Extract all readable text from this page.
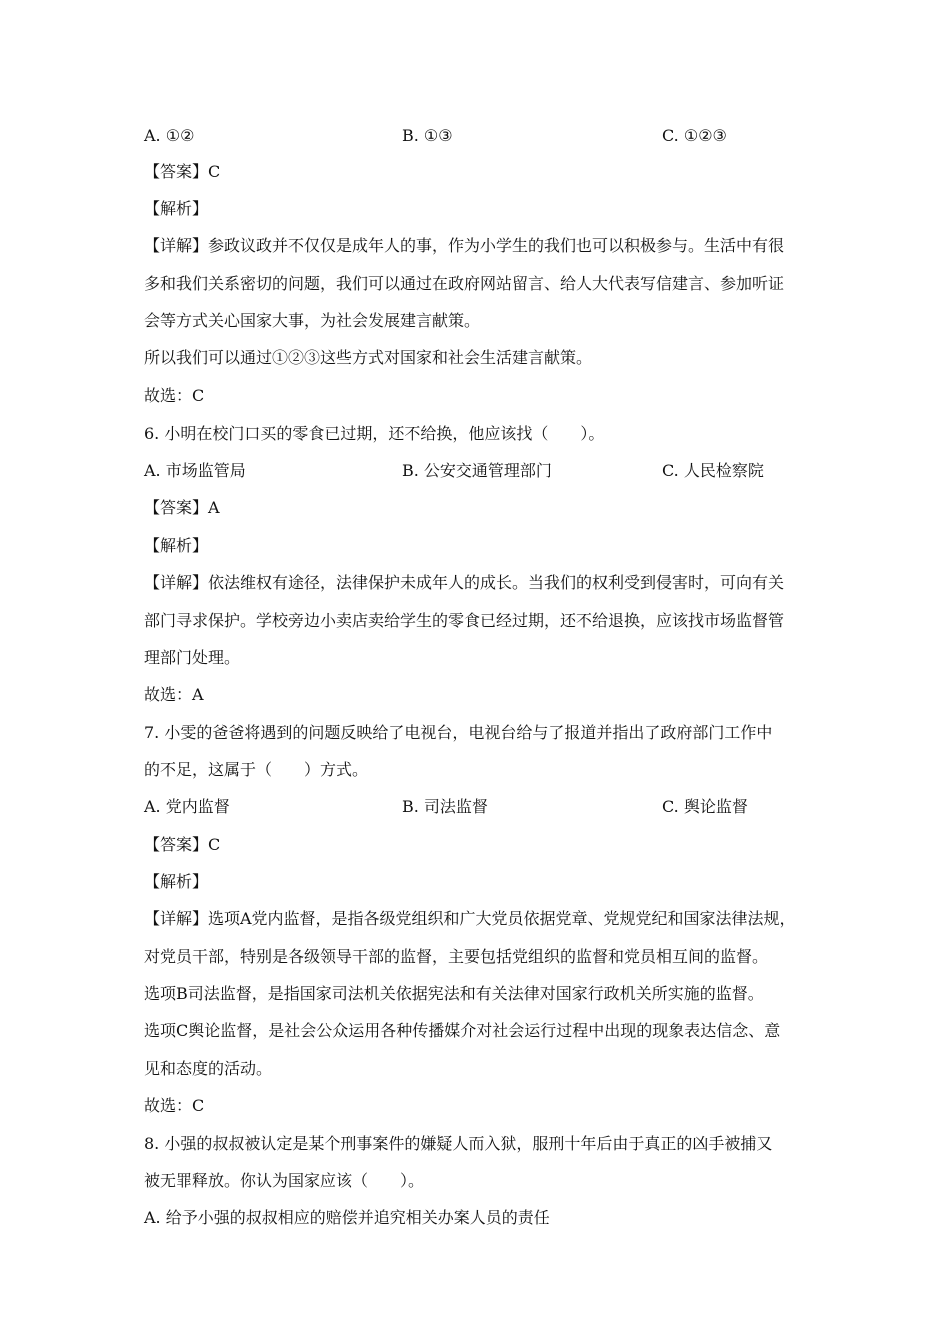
A. ①②	B. ①③	C. ①②③
【答案】C
【解析】
【详解】参政议政并不仅仅是成年人的事，作为小学生的我们也可以积极参与。生活中有很
多和我们关系密切的问题，我们可以通过在政府网站留言、给人大代表写信建言、参加听证
会等方式关心国家大事，为社会发展建言献策。
所以我们可以通过①②③这些方式对国家和社会生活建言献策。
故选：C
6. 小明在校门口买的零食已过期，还不给换，他应该找（　　）。
A. 市场监管局	B. 公安交通管理部门	C. 人民检察院
【答案】A
【解析】
【详解】依法维权有途径，法律保护未成年人的成长。当我们的权利受到侵害时，可向有关
部门寻求保护。学校旁边小卖店卖给学生的零食已经过期，还不给退换，应该找市场监督管
理部门处理。
故选：A
7. 小雯的爸爸将遇到的问题反映给了电视台，电视台给与了报道并指出了政府部门工作中
的不足，这属于（　　）方式。
A. 党内监督	B. 司法监督	C. 舆论监督
【答案】C
【解析】
【详解】选项A党内监督，是指各级党组织和广大党员依据党章、党规党纪和国家法律法规，
对党员干部，特别是各级领导干部的监督，主要包括党组织的监督和党员相互间的监督。
选项B司法监督，是指国家司法机关依据宪法和有关法律对国家行政机关所实施的监督。
选项C舆论监督，是社会公众运用各种传播媒介对社会运行过程中出现的现象表达信念、意
见和态度的活动。
故选：C
8. 小强的叔叔被认定是某个刑事案件的嫌疑人而入狱，服刑十年后由于真正的凶手被捕又
被无罪释放。你认为国家应该（　　）。
A. 给予小强的叔叔相应的赔偿并追究相关办案人员的责任
